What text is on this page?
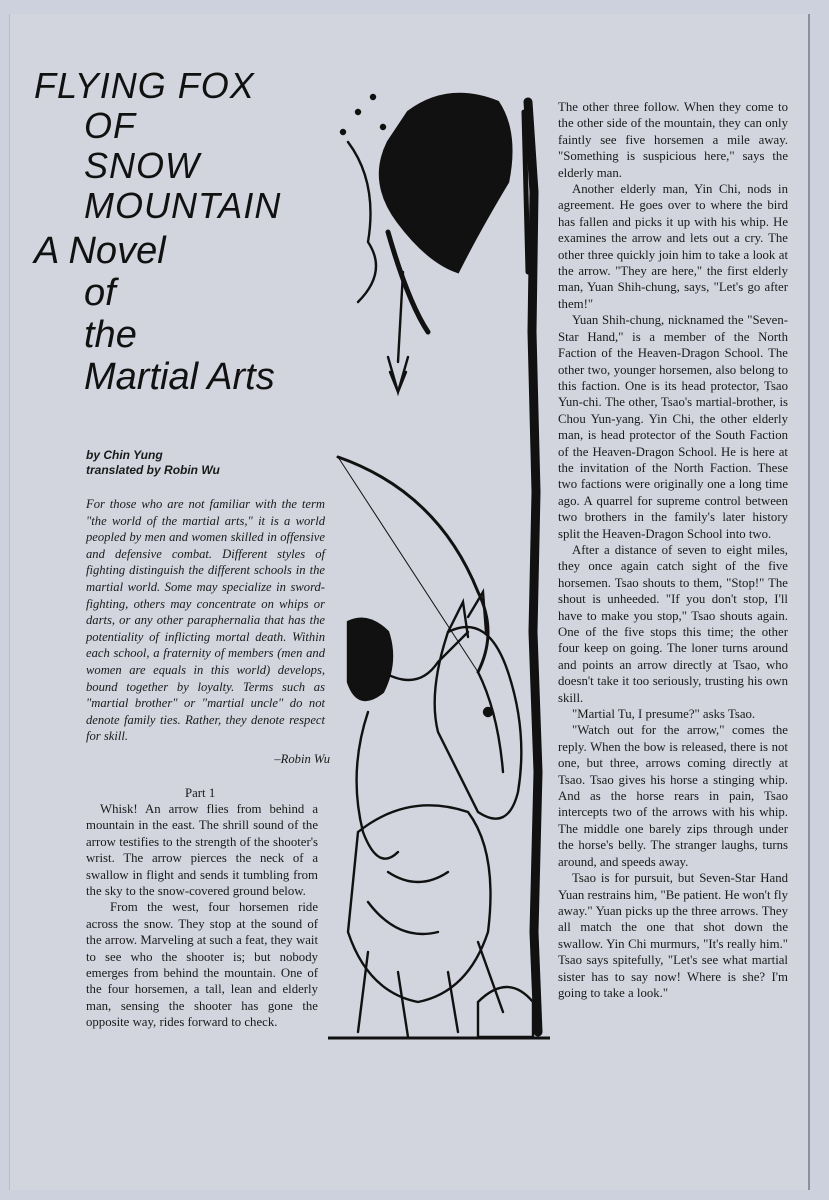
FLYING FOX

OF

SNOW

MOUNTAIN

A Novel

of

the

Martial Arts

by Chin Yung
translated by Robin Wu
For those who are not familiar with the term "the world of the martial arts," it is a world peopled by men and women skilled in offensive and defensive combat. Different styles of fighting distinguish the different schools in the martial world. Some may specialize in sword-fighting, others may concentrate on whips or darts, or any other paraphernalia that has the potentiality of inflicting mortal death. Within each school, a fraternity of members (men and women are equals in this world) develops, bound together by loyalty. Terms such as "martial brother" or "martial uncle" do not denote family ties. Rather, they denote respect for skill.
–Robin Wu
Part 1

Whisk! An arrow flies from behind a mountain in the east. The shrill sound of the arrow testifies to the strength of the shooter's wrist. The arrow pierces the neck of a swallow in flight and sends it tumbling from the sky to the snow-covered ground below.

From the west, four horsemen ride across the snow. They stop at the sound of the arrow. Marveling at such a feat, they wait to see who the shooter is; but nobody emerges from behind the mountain. One of the four horsemen, a tall, lean and elderly man, sensing the shooter has gone the opposite way, rides forward to check.

The other three follow. When they come to the other side of the mountain, they can only faintly see five horsemen a mile away. "Something is suspicious here," says the elderly man.

Another elderly man, Yin Chi, nods in agreement. He goes over to where the bird has fallen and picks it up with his whip. He examines the arrow and lets out a cry. The other three quickly join him to take a look at the arrow. "They are here," the first elderly man, Yuan Shih-chung, says, "Let's go after them!"

Yuan Shih-chung, nicknamed the "Seven-Star Hand," is a member of the North Faction of the Heaven-Dragon School. The other two, younger horsemen, also belong to this faction. One is its head protector, Tsao Yun-chi. The other, Tsao's martial-brother, is Chou Yun-yang. Yin Chi, the other elderly man, is head protector of the South Faction of the Heaven-Dragon School. He is here at the invitation of the North Faction. These two factions were originally one a long time ago. A quarrel for supreme control between two brothers in the family's later history split the Heaven-Dragon School into two.

After a distance of seven to eight miles, they once again catch sight of the five horsemen. Tsao shouts to them, "Stop!" The shout is unheeded. "If you don't stop, I'll have to make you stop," Tsao shouts again. One of the five stops this time; the other four keep on going. The loner turns around and points an arrow directly at Tsao, who doesn't take it too seriously, trusting his own skill.

"Martial Tu, I presume?" asks Tsao.

"Watch out for the arrow," comes the reply. When the bow is released, there is not one, but three, arrows coming directly at Tsao. Tsao gives his horse a stinging whip. And as the horse rears in pain, Tsao intercepts two of the arrows with his whip. The middle one barely zips through under the horse's belly. The stranger laughs, turns around, and speeds away.

Tsao is for pursuit, but Seven-Star Hand Yuan restrains him, "Be patient. He won't fly away." Yuan picks up the three arrows. They all match the one that shot down the swallow. Yin Chi murmurs, "It's really him." Tsao says spitefully, "Let's see what martial sister has to say now! Where is she? I'm going to take a look."
